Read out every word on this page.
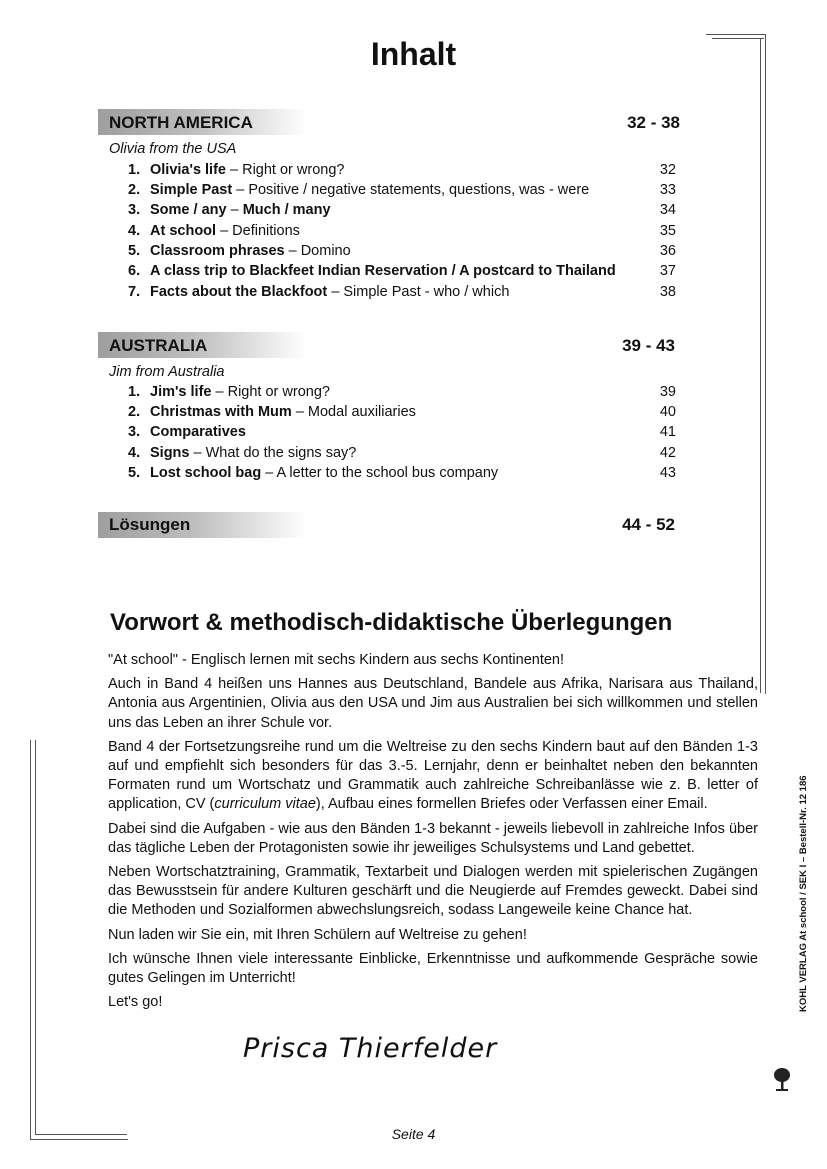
Inhalt
NORTH AMERICA	32 - 38
Olivia from the USA
1. Olivia's life – Right or wrong?	32
2. Simple Past – Positive / negative statements, questions, was - were	33
3. Some / any – Much / many	34
4. At school – Definitions	35
5. Classroom phrases – Domino	36
6. A class trip to Blackfeet Indian Reservation / A postcard to Thailand	37
7. Facts about the Blackfoot – Simple Past - who / which	38
AUSTRALIA	39 - 43
Jim from Australia
1. Jim's life – Right or wrong?	39
2. Christmas with Mum – Modal auxiliaries	40
3. Comparatives	41
4. Signs – What do the signs say?	42
5. Lost school bag – A letter to the school bus company	43
Lösungen	44 - 52
Vorwort & methodisch-didaktische Überlegungen

"At school" - Englisch lernen mit sechs Kindern aus sechs Kontinenten!

Auch in Band 4 heißen uns Hannes aus Deutschland, Bandele aus Afrika, Narisara aus Thailand, Antonia aus Argentinien, Olivia aus den USA und Jim aus Australien bei sich willkommen und stellen uns das Leben an ihrer Schule vor.

Band 4 der Fortsetzungsreihe rund um die Weltreise zu den sechs Kindern baut auf den Bänden 1-3 auf und empfiehlt sich besonders für das 3.-5. Lernjahr, denn er beinhaltet neben den bekannten Formaten rund um Wortschatz und Grammatik auch zahlreiche Schreibanlässe wie z. B. letter of application, CV (curriculum vitae), Aufbau eines formellen Briefes oder Verfassen einer Email.

Dabei sind die Aufgaben - wie aus den Bänden 1-3 bekannt - jeweils liebevoll in zahlreiche Infos über das tägliche Leben der Protagonisten sowie ihr jeweiliges Schulsystems und Land gebettet.

Neben Wortschatztraining, Grammatik, Textarbeit und Dialogen werden mit spielerischen Zugängen das Bewusstsein für andere Kulturen geschärft und die Neugierde auf Fremdes geweckt. Dabei sind die Methoden und Sozialformen abwechslungsreich, sodass Langeweile keine Chance hat.

Nun laden wir Sie ein, mit Ihren Schülern auf Weltreise zu gehen!

Ich wünsche Ihnen viele interessante Einblicke, Erkenntnisse und aufkommende Gespräche sowie gutes Gelingen im Unterricht!

Let's go!

Prisca Thierfelder
Seite 4
KOHL VERLAG At school / SEK I – Bestell-Nr. 12 186
